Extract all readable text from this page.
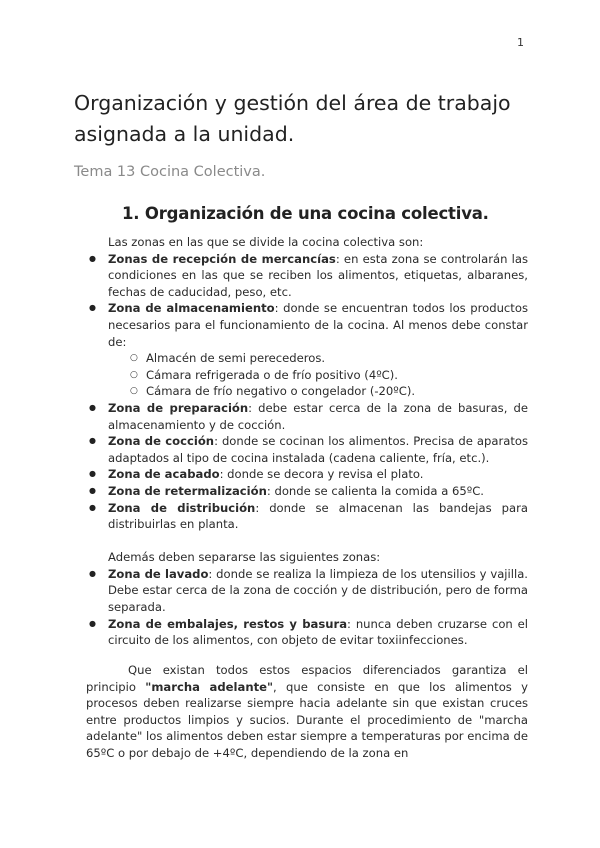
1
Organización y gestión del área de trabajo asignada a la unidad.

Tema 13 Cocina Colectiva.

1. Organización de una cocina colectiva.

Las zonas en las que se divide la cocina colectiva son:

● Zonas de recepción de mercancías: en esta zona se controlarán las condiciones en las que se reciben los alimentos, etiquetas, albaranes, fechas de caducidad, peso, etc.
● Zona de almacenamiento: donde se encuentran todos los productos necesarios para el funcionamiento de la cocina. Al menos debe constar de:
○ Almacén de semi perecederos.
○ Cámara refrigerada o de frío positivo (4ºC).
○ Cámara de frío negativo o congelador (-20ºC).
● Zona de preparación: debe estar cerca de la zona de basuras, de almacenamiento y de cocción.
● Zona de cocción: donde se cocinan los alimentos. Precisa de aparatos adaptados al tipo de cocina instalada (cadena caliente, fría, etc.).
● Zona de acabado: donde se decora y revisa el plato.
● Zona de retermalización: donde se calienta la comida a 65ºC.
● Zona de distribución: donde se almacenan las bandejas para distribuirlas en planta.

Además deben separarse las siguientes zonas:

● Zona de lavado: donde se realiza la limpieza de los utensilios y vajilla. Debe estar cerca de la zona de cocción y de distribución, pero de forma separada.
● Zona de embalajes, restos y basura: nunca deben cruzarse con el circuito de los alimentos, con objeto de evitar toxiinfecciones.

Que existan todos estos espacios diferenciados garantiza el principio "marcha adelante", que consiste en que los alimentos y procesos deben realizarse siempre hacia adelante sin que existan cruces entre productos limpios y sucios. Durante el procedimiento de "marcha adelante" los alimentos deben estar siempre a temperaturas por encima de 65ºC o por debajo de +4ºC, dependiendo de la zona en
